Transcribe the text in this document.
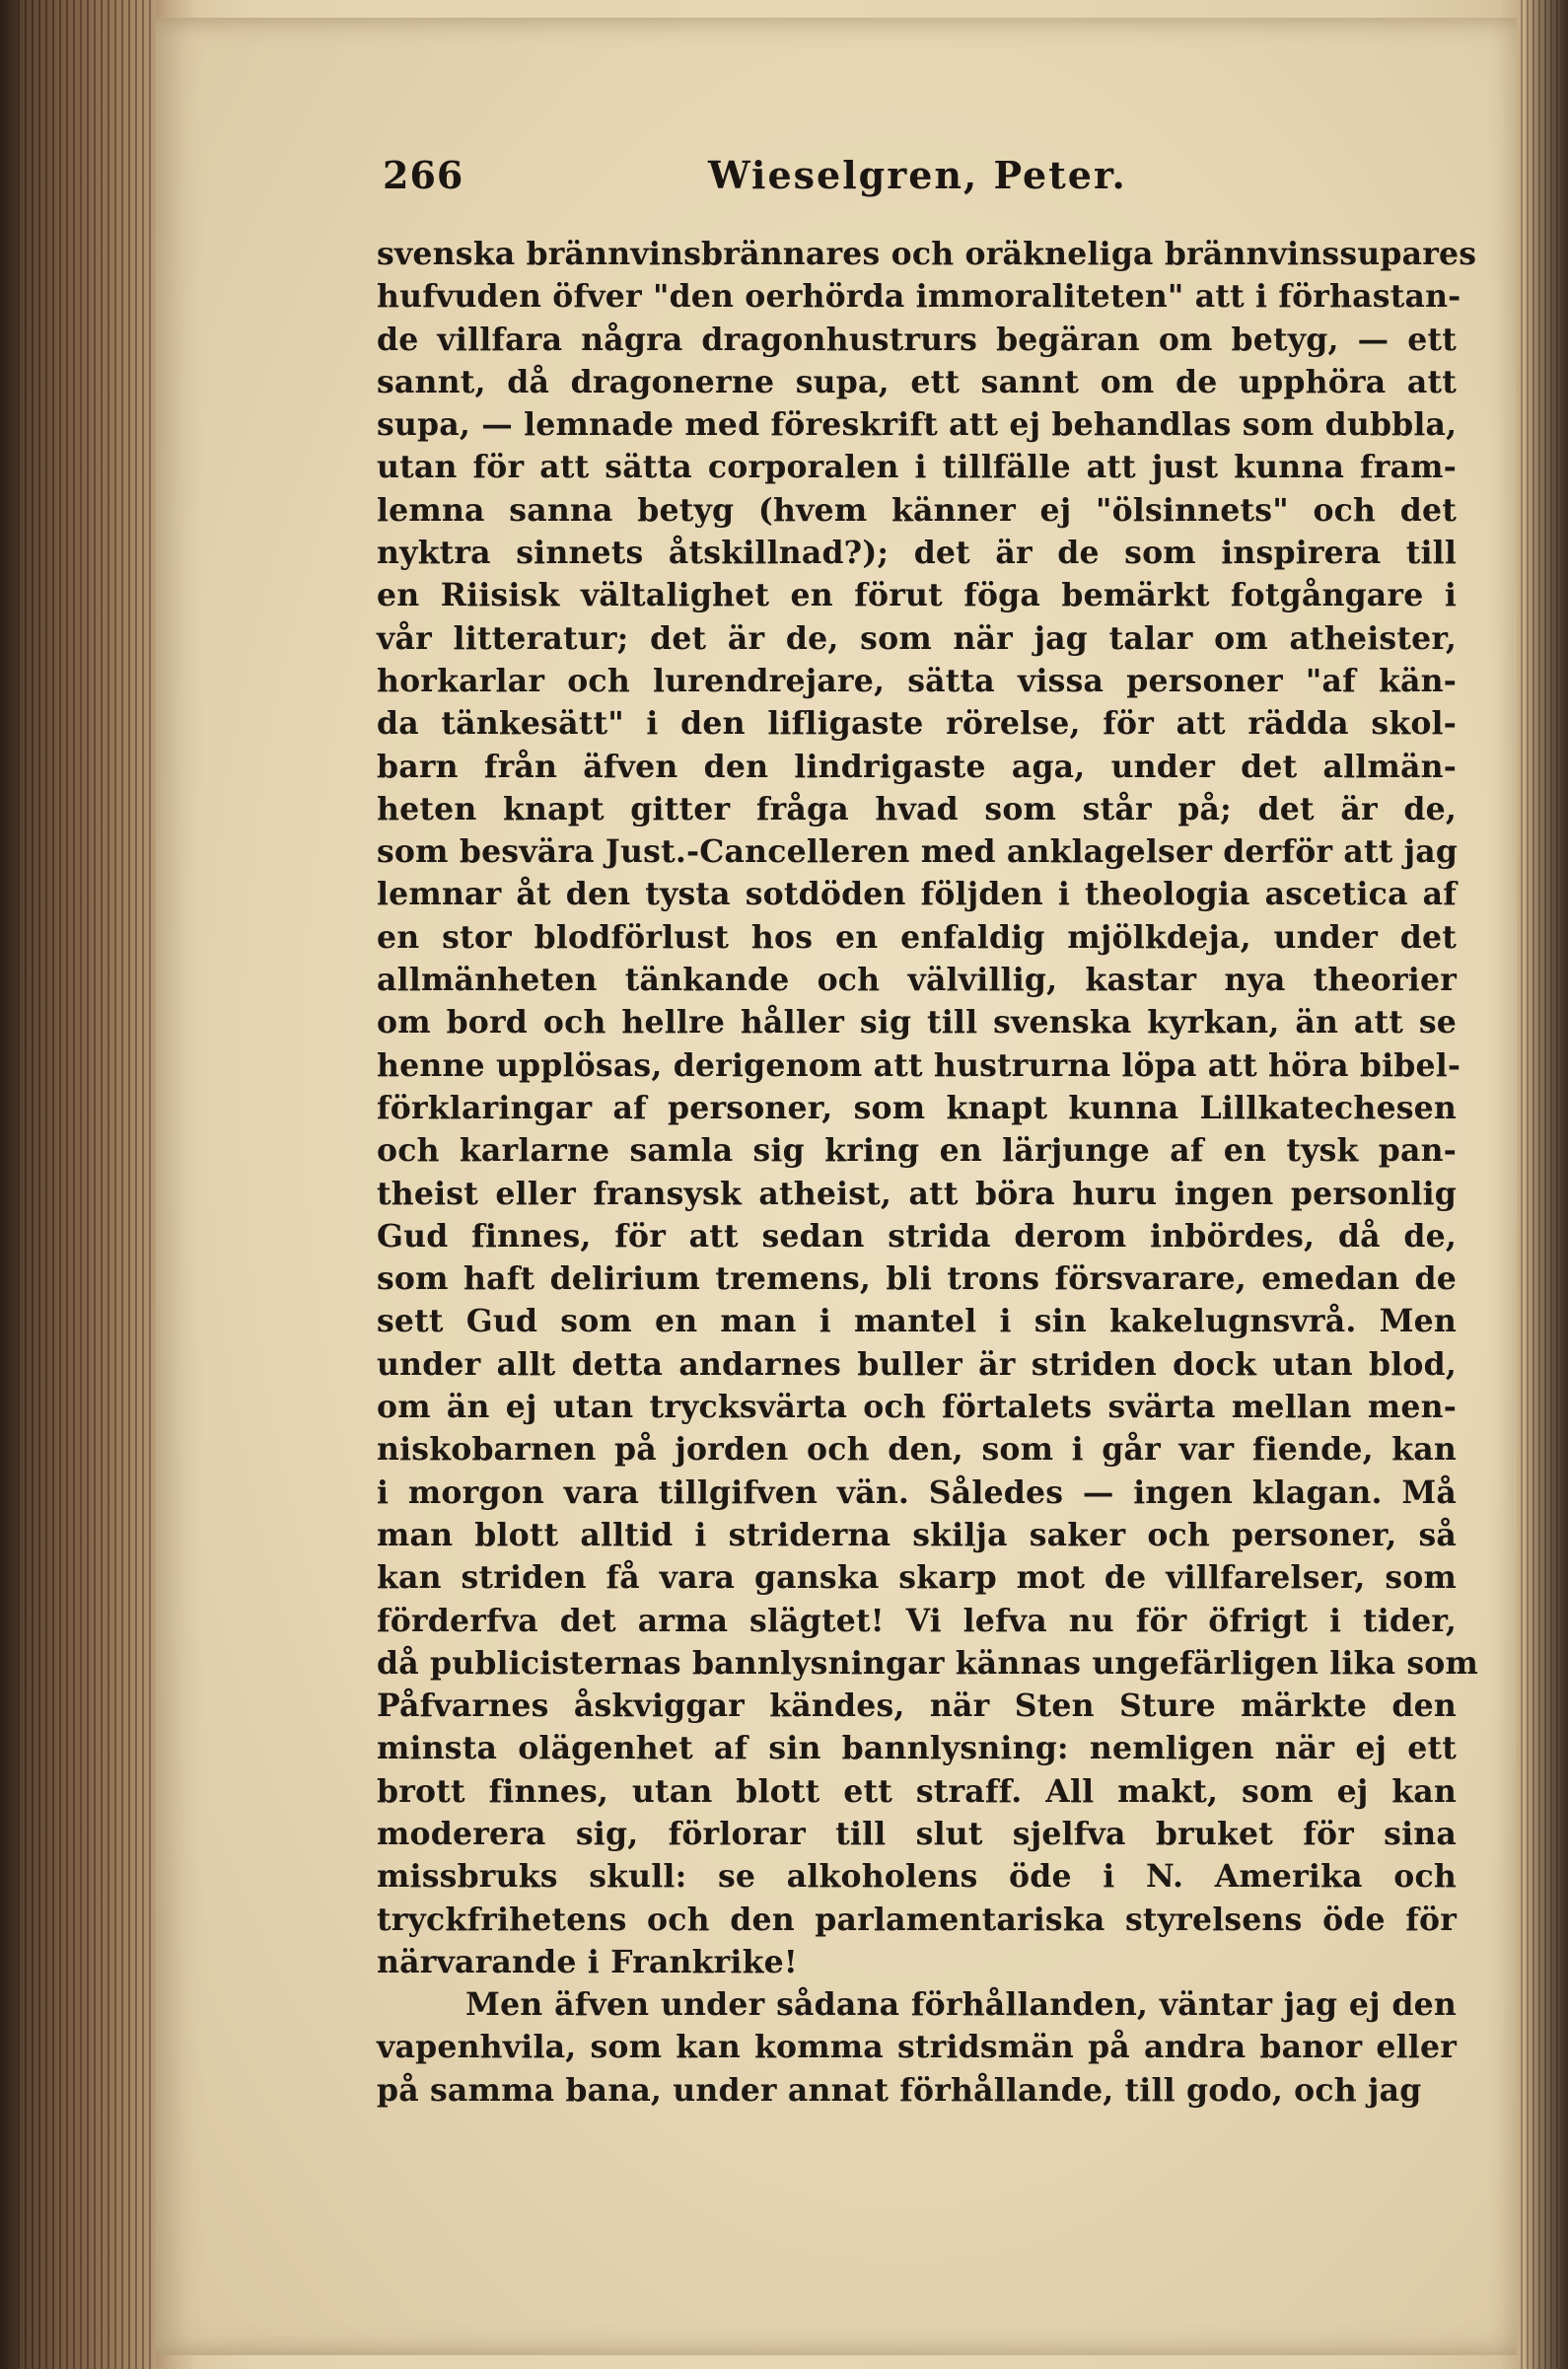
266	Wieselgren, Peter.
svenska brännvinsbrännares och oräkneliga brännvinssupares
hufvuden öfver "den oerhörda immoraliteten" att i förhastan-
de villfara några dragonhustrurs begäran om betyg, — ett
sannt, då dragonerne supa, ett sannt om de upphöra att
supa, — lemnade med föreskrift att ej behandlas som dubbla,
utan för att sätta corporalen i tillfälle att just kunna fram-
lemna sanna betyg (hvem känner ej "ölsinnets" och det
nyktra sinnets åtskillnad?); det är de som inspirera till
en Riisisk vältalighet en förut föga bemärkt fotgångare i
vår litteratur; det är de, som när jag talar om atheister,
horkarlar och lurendrejare, sätta vissa personer "af kän-
da tänkesätt" i den lifligaste rörelse, för att rädda skol-
barn från äfven den lindrigaste aga, under det allmän-
heten knapt gitter fråga hvad som står på; det är de,
som besvära Just.-Cancelleren med anklagelser derför att jag
lemnar åt den tysta sotdöden följden i theologia ascetica af
en stor blodförlust hos en enfaldig mjölkdeja, under det
allmänheten tänkande och välvillig, kastar nya theorier
om bord och hellre håller sig till svenska kyrkan, än att se
henne upplösas, derigenom att hustrurna löpa att höra bibel-
förklaringar af personer, som knapt kunna Lillkatechesen
och karlarne samla sig kring en lärjunge af en tysk pan-
theist eller fransysk atheist, att böra huru ingen personlig
Gud finnes, för att sedan strida derom inbördes, då de,
som haft delirium tremens, bli trons försvarare, emedan de
sett Gud som en man i mantel i sin kakelugnsvrå. Men
under allt detta andarnes buller är striden dock utan blod,
om än ej utan trycksvärta och förtalets svärta mellan men-
niskobarnen på jorden och den, som i går var fiende, kan
i morgon vara tillgifven vän. Således — ingen klagan. Må
man blott alltid i striderna skilja saker och personer, så
kan striden få vara ganska skarp mot de villfarelser, som
förderfva det arma slägtet! Vi lefva nu för öfrigt i tider,
då publicisternas bannlysningar kännas ungefärligen lika som
Påfvarnes åskviggar kändes, när Sten Sture märkte den
minsta olägenhet af sin bannlysning: nemligen när ej ett
brott finnes, utan blott ett straff. All makt, som ej kan
moderera sig, förlorar till slut sjelfva bruket för sina
missbruks skull: se alkoholens öde i N. Amerika och
tryckfrihetens och den parlamentariska styrelsens öde för
närvarande i Frankrike!
Men äfven under sådana förhållanden, väntar jag ej den
vapenhvila, som kan komma stridsmän på andra banor eller
på samma bana, under annat förhållande, till godo, och jag
